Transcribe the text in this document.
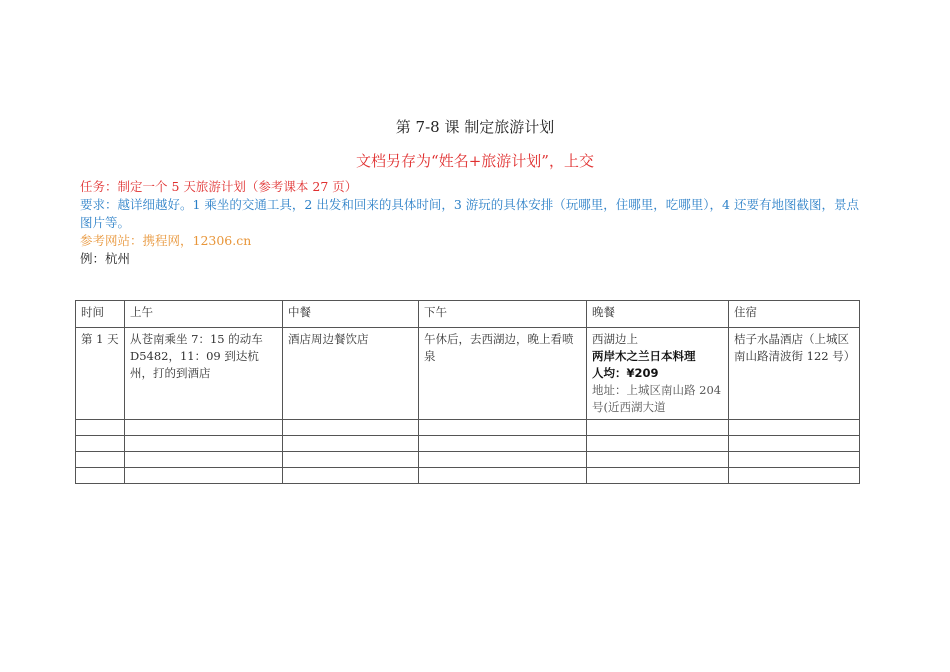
第 7-8 课 制定旅游计划
文档另存为“姓名+旅游计划”，上交
任务：制定一个 5 天旅游计划（参考课本 27 页）
要求：越详细越好。1 乘坐的交通工具，2 出发和回来的具体时间，3 游玩的具体安排（玩哪里，住哪里，吃哪里），4 还要有地图截图，景点图片等。
参考网站：携程网，12306.cn
例：杭州
时间	上午	中餐	下午	晚餐	住宿
第 1 天	从苍南乘坐 7：15 的动车 D5482，11：09 到达杭州，打的到酒店	酒店周边餐饮店	午休后，去西湖边，晚上看喷泉	西湖边上
两岸木之兰日本料理
人均：¥209
地址：上城区南山路 204 号(近西湖大道	桔子水晶酒店（上城区南山路清波街 122 号）
